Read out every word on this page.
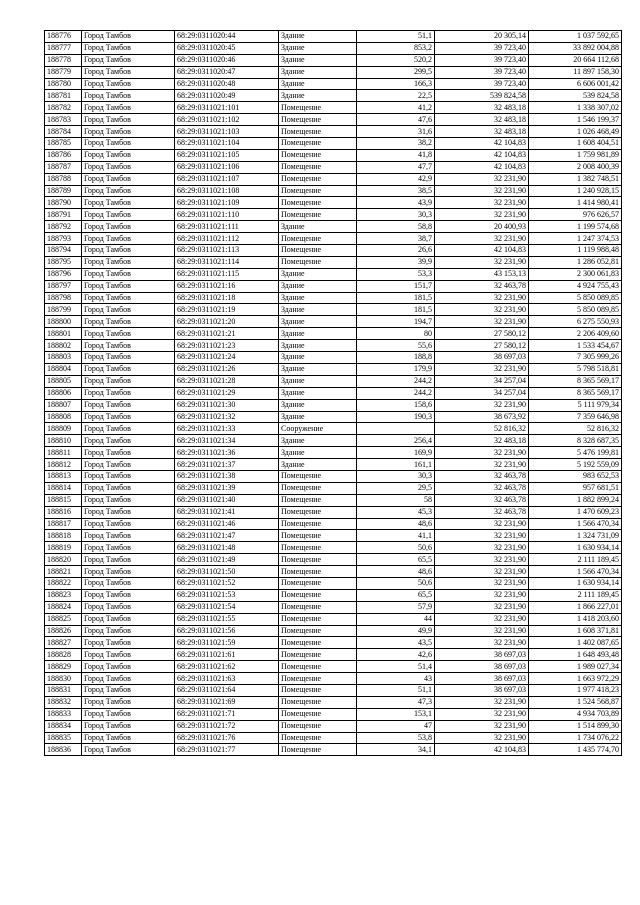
188776	Город Тамбов	68:29:0311020:44	Здание	51,1	20 305,14	1 037 592,65
188777	Город Тамбов	68:29:0311020:45	Здание	853,2	39 723,40	33 892 004,88
188778	Город Тамбов	68:29:0311020:46	Здание	520,2	39 723,40	20 664 112,68
188779	Город Тамбов	68:29:0311020:47	Здание	299,5	39 723,40	11 897 158,30
188780	Город Тамбов	68:29:0311020:48	Здание	166,3	39 723,40	6 606 001,42
188781	Город Тамбов	68:29:0311020:49	Здание	22,5	539 824,58	539 824,58
188782	Город Тамбов	68:29:0311021:101	Помещение	41,2	32 483,18	1 338 307,02
188783	Город Тамбов	68:29:0311021:102	Помещение	47,6	32 483,18	1 546 199,37
188784	Город Тамбов	68:29:0311021:103	Помещение	31,6	32 483,18	1 026 468,49
188785	Город Тамбов	68:29:0311021:104	Помещение	38,2	42 104,83	1 608 404,51
188786	Город Тамбов	68:29:0311021:105	Помещение	41,8	42 104,83	1 759 981,89
188787	Город Тамбов	68:29:0311021:106	Помещение	47,7	42 104,83	2 008 400,39
188788	Город Тамбов	68:29:0311021:107	Помещение	42,9	32 231,90	1 382 748,51
188789	Город Тамбов	68:29:0311021:108	Помещение	38,5	32 231,90	1 240 928,15
188790	Город Тамбов	68:29:0311021:109	Помещение	43,9	32 231,90	1 414 980,41
188791	Город Тамбов	68:29:0311021:110	Помещение	30,3	32 231,90	976 626,57
188792	Город Тамбов	68:29:0311021:111	Здание	58,8	20 400,93	1 199 574,68
188793	Город Тамбов	68:29:0311021:112	Помещение	38,7	32 231,90	1 247 374,53
188794	Город Тамбов	68:29:0311021:113	Помещение	26,6	42 104,83	1 119 988,48
188795	Город Тамбов	68:29:0311021:114	Помещение	39,9	32 231,90	1 286 052,81
188796	Город Тамбов	68:29:0311021:115	Здание	53,3	43 153,13	2 300 061,83
188797	Город Тамбов	68:29:0311021:16	Здание	151,7	32 463,78	4 924 755,43
188798	Город Тамбов	68:29:0311021:18	Здание	181,5	32 231,90	5 850 089,85
188799	Город Тамбов	68:29:0311021:19	Здание	181,5	32 231,90	5 850 089,85
188800	Город Тамбов	68:29:0311021:20	Здание	194,7	32 231,90	6 275 550,93
188801	Город Тамбов	68:29:0311021:21	Здание	80	27 580,12	2 206 409,60
188802	Город Тамбов	68:29:0311021:23	Здание	55,6	27 580,12	1 533 454,67
188803	Город Тамбов	68:29:0311021:24	Здание	188,8	38 697,03	7 305 999,26
188804	Город Тамбов	68:29:0311021:26	Здание	179,9	32 231,90	5 798 518,81
188805	Город Тамбов	68:29:0311021:28	Здание	244,2	34 257,04	8 365 569,17
188806	Город Тамбов	68:29:0311021:29	Здание	244,2	34 257,04	8 365 569,17
188807	Город Тамбов	68:29:0311021:30	Здание	158,6	32 231,90	5 111 979,34
188808	Город Тамбов	68:29:0311021:32	Здание	190,3	38 673,92	7 359 646,98
188809	Город Тамбов	68:29:0311021:33	Сооружение		52 816,32	52 816,32
188810	Город Тамбов	68:29:0311021:34	Здание	256,4	32 483,18	8 328 687,35
188811	Город Тамбов	68:29:0311021:36	Здание	169,9	32 231,90	5 476 199,81
188812	Город Тамбов	68:29:0311021:37	Здание	161,1	32 231,90	5 192 559,09
188813	Город Тамбов	68:29:0311021:38	Помещение	30,3	32 463,78	983 652,53
188814	Город Тамбов	68:29:0311021:39	Помещение	29,5	32 463,78	957 681,51
188815	Город Тамбов	68:29:0311021:40	Помещение	58	32 463,78	1 882 899,24
188816	Город Тамбов	68:29:0311021:41	Помещение	45,3	32 463,78	1 470 609,23
188817	Город Тамбов	68:29:0311021:46	Помещение	48,6	32 231,90	1 566 470,34
188818	Город Тамбов	68:29:0311021:47	Помещение	41,1	32 231,90	1 324 731,09
188819	Город Тамбов	68:29:0311021:48	Помещение	50,6	32 231,90	1 630 934,14
188820	Город Тамбов	68:29:0311021:49	Помещение	65,5	32 231,90	2 111 189,45
188821	Город Тамбов	68:29:0311021:50	Помещение	48,6	32 231,90	1 566 470,34
188822	Город Тамбов	68:29:0311021:52	Помещение	50,6	32 231,90	1 630 934,14
188823	Город Тамбов	68:29:0311021:53	Помещение	65,5	32 231,90	2 111 189,45
188824	Город Тамбов	68:29:0311021:54	Помещение	57,9	32 231,90	1 866 227,01
188825	Город Тамбов	68:29:0311021:55	Помещение	44	32 231,90	1 418 203,60
188826	Город Тамбов	68:29:0311021:56	Помещение	49,9	32 231,90	1 608 371,81
188827	Город Тамбов	68:29:0311021:59	Помещение	43,5	32 231,90	1 402 087,65
188828	Город Тамбов	68:29:0311021:61	Помещение	42,6	38 697,03	1 648 493,48
188829	Город Тамбов	68:29:0311021:62	Помещение	51,4	38 697,03	1 989 027,34
188830	Город Тамбов	68:29:0311021:63	Помещение	43	38 697,03	1 663 972,29
188831	Город Тамбов	68:29:0311021:64	Помещение	51,1	38 697,03	1 977 418,23
188832	Город Тамбов	68:29:0311021:69	Помещение	47,3	32 231,90	1 524 568,87
188833	Город Тамбов	68:29:0311021:71	Помещение	153,1	32 231,90	4 934 703,89
188834	Город Тамбов	68:29:0311021:72	Помещение	47	32 231,90	1 514 899,30
188835	Город Тамбов	68:29:0311021:76	Помещение	53,8	32 231,90	1 734 076,22
188836	Город Тамбов	68:29:0311021:77	Помещение	34,1	42 104,83	1 435 774,70
